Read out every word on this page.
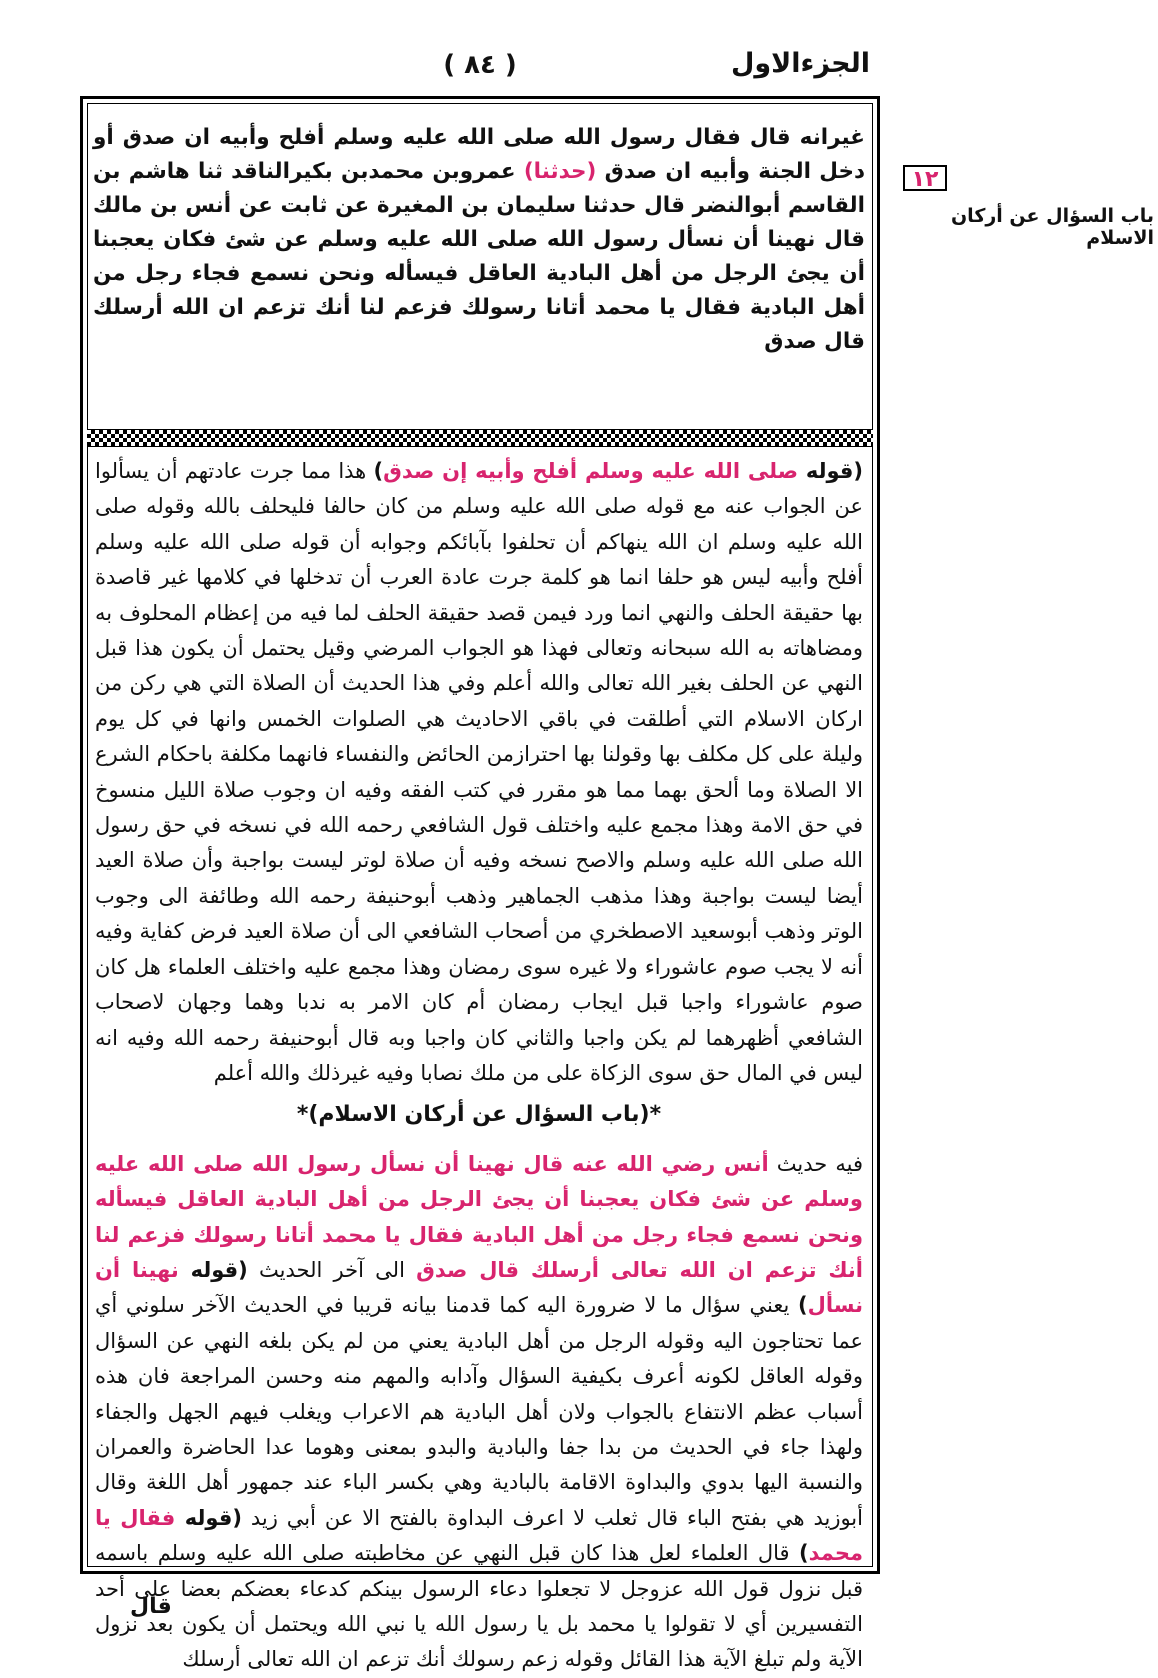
الجزءالاول
( ٨٤ )
١٢
باب السؤال عن أركان الاسلام
غيرانه قال فقال رسول الله صلى الله عليه وسلم أفلح وأبيه ان صدق أو دخل الجنة وأبيه ان صدق (حدثنا) عمروبن محمدبن بكيرالناقد ثنا هاشم بن القاسم أبوالنضر قال حدثنا سليمان بن المغيرة عن ثابت عن أنس بن مالك قال نهينا أن نسأل رسول الله صلى الله عليه وسلم عن شئ فكان يعجبنا أن يجئ الرجل من أهل البادية العاقل فيسأله ونحن نسمع فجاء رجل من أهل البادية فقال يا محمد أتانا رسولك فزعم لنا أنك تزعم ان الله أرسلك قال صدق

(قوله صلى الله عليه وسلم أفلح وأبيه إن صدق) هذا مما جرت عادتهم أن يسألوا عن الجواب عنه مع قوله صلى الله عليه وسلم من كان حالفا فليحلف بالله وقوله صلى الله عليه وسلم ان الله ينهاكم أن تحلفوا بآبائكم وجوابه أن قوله صلى الله عليه وسلم أفلح وأبيه ليس هو حلفا انما هو كلمة جرت عادة العرب أن تدخلها في كلامها غير قاصدة بها حقيقة الحلف والنهي انما ورد فيمن قصد حقيقة الحلف لما فيه من إعظام المحلوف به ومضاهاته به الله سبحانه وتعالى فهذا هو الجواب المرضي وقيل يحتمل أن يكون هذا قبل النهي عن الحلف بغير الله تعالى والله أعلم وفي هذا الحديث أن الصلاة التي هي ركن من اركان الاسلام التي أطلقت في باقي الاحاديث هي الصلوات الخمس وانها في كل يوم وليلة على كل مكلف بها وقولنا بها احترازمن الحائض والنفساء فانهما مكلفة باحكام الشرع الا الصلاة وما ألحق بهما مما هو مقرر في كتب الفقه وفيه ان وجوب صلاة الليل منسوخ في حق الامة وهذا مجمع عليه واختلف قول الشافعي رحمه الله في نسخه في حق رسول الله صلى الله عليه وسلم والاصح نسخه وفيه أن صلاة لوتر ليست بواجبة وأن صلاة العيد أيضا ليست بواجبة وهذا مذهب الجماهير وذهب أبوحنيفة رحمه الله وطائفة الى وجوب الوتر وذهب أبوسعيد الاصطخري من أصحاب الشافعي الى أن صلاة العيد فرض كفاية وفيه أنه لا يجب صوم عاشوراء ولا غيره سوى رمضان وهذا مجمع عليه واختلف العلماء هل كان صوم عاشوراء واجبا قبل ايجاب رمضان أم كان الامر به ندبا وهما وجهان لاصحاب الشافعي أظهرهما لم يكن واجبا والثاني كان واجبا وبه قال أبوحنيفة رحمه الله وفيه انه ليس في المال حق سوى الزكاة على من ملك نصابا وفيه غيرذلك والله أعلم

*(باب السؤال عن أركان الاسلام)*

فيه حديث أنس رضي الله عنه قال نهينا أن نسأل رسول الله صلى الله عليه وسلم عن شئ فكان يعجبنا أن يجئ الرجل من أهل البادية العاقل فيسأله ونحن نسمع فجاء رجل من أهل البادية فقال يا محمد أتانا رسولك فزعم لنا أنك تزعم ان الله تعالى أرسلك قال صدق الى آخر الحديث (قوله نهينا أن نسأل) يعني سؤال ما لا ضرورة اليه كما قدمنا بيانه قريبا في الحديث الآخر سلوني أي عما تحتاجون اليه وقوله الرجل من أهل البادية يعني من لم يكن بلغه النهي عن السؤال وقوله العاقل لكونه أعرف بكيفية السؤال وآدابه والمهم منه وحسن المراجعة فان هذه أسباب عظم الانتفاع بالجواب ولان أهل البادية هم الاعراب ويغلب فيهم الجهل والجفاء ولهذا جاء في الحديث من بدا جفا والبادية والبدو بمعنى وهوما عدا الحاضرة والعمران والنسبة اليها بدوي والبداوة الاقامة بالبادية وهي بكسر الباء عند جمهور أهل اللغة وقال أبوزيد هي بفتح الباء قال ثعلب لا اعرف البداوة بالفتح الا عن أبي زيد (قوله فقال يا محمد) قال العلماء لعل هذا كان قبل النهي عن مخاطبته صلى الله عليه وسلم باسمه قبل نزول قول الله عزوجل لا تجعلوا دعاء الرسول بينكم كدعاء بعضكم بعضا على أحد التفسيرين أي لا تقولوا يا محمد بل يا رسول الله يا نبي الله ويحتمل أن يكون بعد نزول الآية ولم تبلغ الآية هذا القائل وقوله زعم رسولك أنك تزعم ان الله تعالى أرسلك

قال
